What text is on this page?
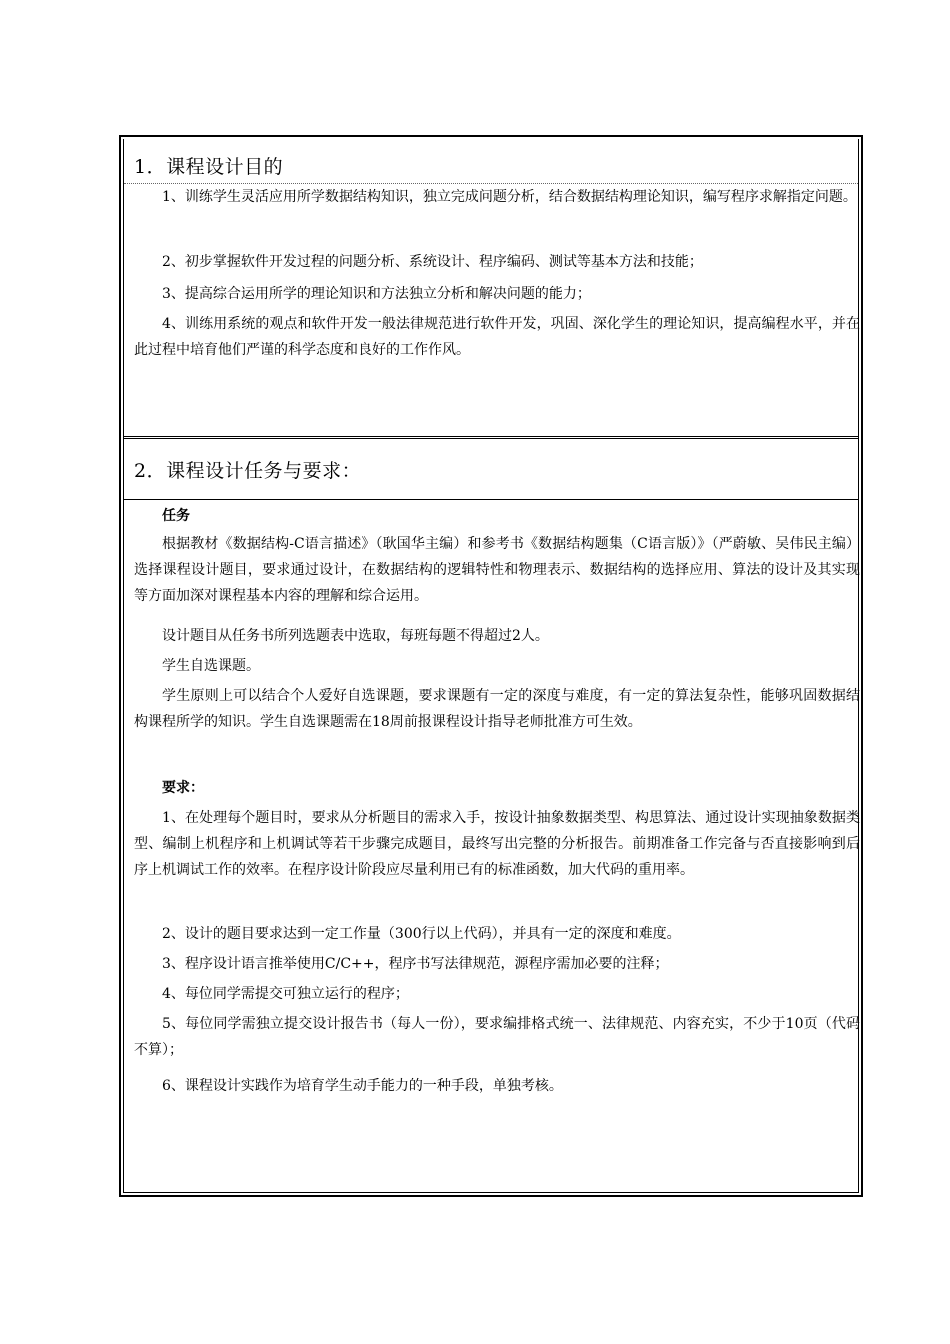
1．课程设计目的

1、训练学生灵活应用所学数据结构知识，独立完成问题分析，结合数据结构理论知识，编写程序求解指定问题。

2、初步掌握软件开发过程的问题分析、系统设计、程序编码、测试等基本方法和技能；

3、提高综合运用所学的理论知识和方法独立分析和解决问题的能力；

4、训练用系统的观点和软件开发一般法律规范进行软件开发，巩固、深化学生的理论知识，提高编程水平，并在此过程中培育他们严谨的科学态度和良好的工作作风。

2．课程设计任务与要求：

任务

根据教材《数据结构-C语言描述》（耿国华主编）和参考书《数据结构题集（C语言版）》（严蔚敏、吴伟民主编）选择课程设计题目，要求通过设计，在数据结构的逻辑特性和物理表示、数据结构的选择应用、算法的设计及其实现等方面加深对课程基本内容的理解和综合运用。

设计题目从任务书所列选题表中选取，每班每题不得超过2人。

学生自选课题。

学生原则上可以结合个人爱好自选课题，要求课题有一定的深度与难度，有一定的算法复杂性，能够巩固数据结构课程所学的知识。学生自选课题需在18周前报课程设计指导老师批准方可生效。

要求：

1、在处理每个题目时，要求从分析题目的需求入手，按设计抽象数据类型、构思算法、通过设计实现抽象数据类型、编制上机程序和上机调试等若干步骤完成题目，最终写出完整的分析报告。前期准备工作完备与否直接影响到后序上机调试工作的效率。在程序设计阶段应尽量利用已有的标准函数，加大代码的重用率。

2、设计的题目要求达到一定工作量（300行以上代码），并具有一定的深度和难度。

3、程序设计语言推举使用C/C++，程序书写法律规范，源程序需加必要的注释；

4、每位同学需提交可独立运行的程序；

5、每位同学需独立提交设计报告书（每人一份），要求编排格式统一、法律规范、内容充实，不少于10页（代码不算）；

6、课程设计实践作为培育学生动手能力的一种手段，单独考核。
